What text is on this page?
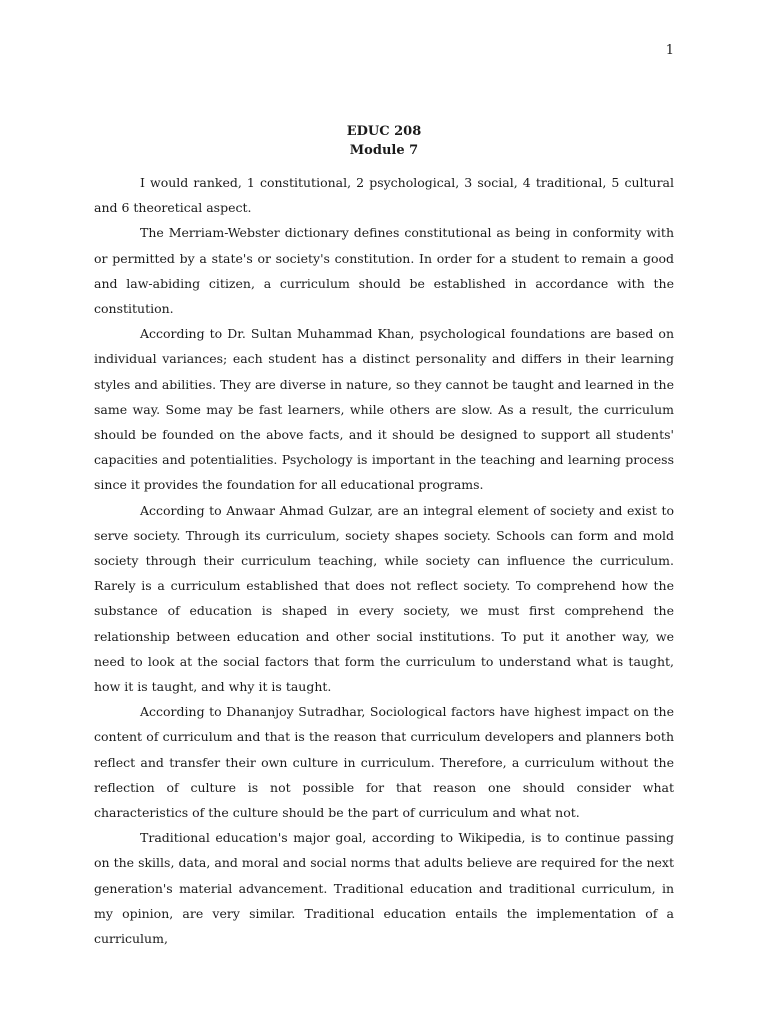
1
EDUC 208
Module 7

I would ranked, 1 constitutional, 2 psychological, 3 social, 4 traditional, 5 cultural and 6 theoretical aspect.

The Merriam-Webster dictionary defines constitutional as being in conformity with or permitted by a state's or society's constitution. In order for a student to remain a good and law-abiding citizen, a curriculum should be established in accordance with the constitution.

According to Dr. Sultan Muhammad Khan, psychological foundations are based on individual variances; each student has a distinct personality and differs in their learning styles and abilities. They are diverse in nature, so they cannot be taught and learned in the same way. Some may be fast learners, while others are slow. As a result, the curriculum should be founded on the above facts, and it should be designed to support all students' capacities and potentialities. Psychology is important in the teaching and learning process since it provides the foundation for all educational programs.

According to Anwaar Ahmad Gulzar, are an integral element of society and exist to serve society. Through its curriculum, society shapes society. Schools can form and mold society through their curriculum teaching, while society can influence the curriculum. Rarely is a curriculum established that does not reflect society. To comprehend how the substance of education is shaped in every society, we must first comprehend the relationship between education and other social institutions. To put it another way, we need to look at the social factors that form the curriculum to understand what is taught, how it is taught, and why it is taught.

According to Dhananjoy Sutradhar, Sociological factors have highest impact on the content of curriculum and that is the reason that curriculum developers and planners both reflect and transfer their own culture in curriculum. Therefore, a curriculum without the reflection of culture is not possible for that reason one should consider what characteristics of the culture should be the part of curriculum and what not.

Traditional education's major goal, according to Wikipedia, is to continue passing on the skills, data, and moral and social norms that adults believe are required for the next generation's material advancement. Traditional education and traditional curriculum, in my opinion, are very similar. Traditional education entails the implementation of a curriculum,
